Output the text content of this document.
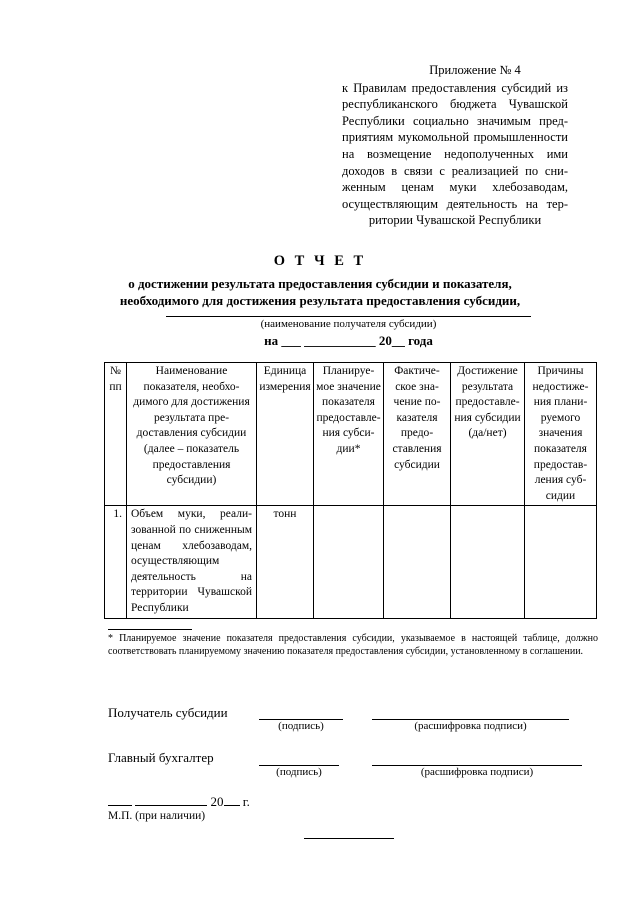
Приложение № 4
к Правилам предоставления субсидий из республиканского бюджета Чувашской Республики социально значимым предприятиям мукомольной промышленности на возмещение недополученных ими доходов в связи с реализацией по сниженным ценам муки хлебозаводам, осуществляющим деятельность на территории Чувашской Республики
О Т Ч Е Т
о достижении результата предоставления субсидии и показателя,
необходимого для достижения результата предоставления субсидии,
(наименование получателя субсидии)
на ___ ___________ 20__ года
№ пп	Наименование показателя, необходимого для достижения результата предоставления субсидии (далее – показатель предоставления субсидии)	Единица измерения	Планируемое значение показателя предоставления субсидии*	Фактическое значение показателя предоставления субсидии	Достижение результата предоставления субсидии (да/нет)	Причины недостижения планируемого значения показателя предоставления субсидии
1.	Объем муки, реализованной по сниженным ценам хлебозаводам, осуществляющим деятельность на территории Чувашской Республики	тонн				
* Планируемое значение показателя предоставления субсидии, указываемое в настоящей таблице, должно соответствовать планируемому значению показателя предоставления субсидии, установленному в соглашении.
Получатель субсидии
(подпись)	(расшифровка подписи)
Главный бухгалтер
(подпись)	(расшифровка подписи)
20 г.
М.П. (при наличии)
